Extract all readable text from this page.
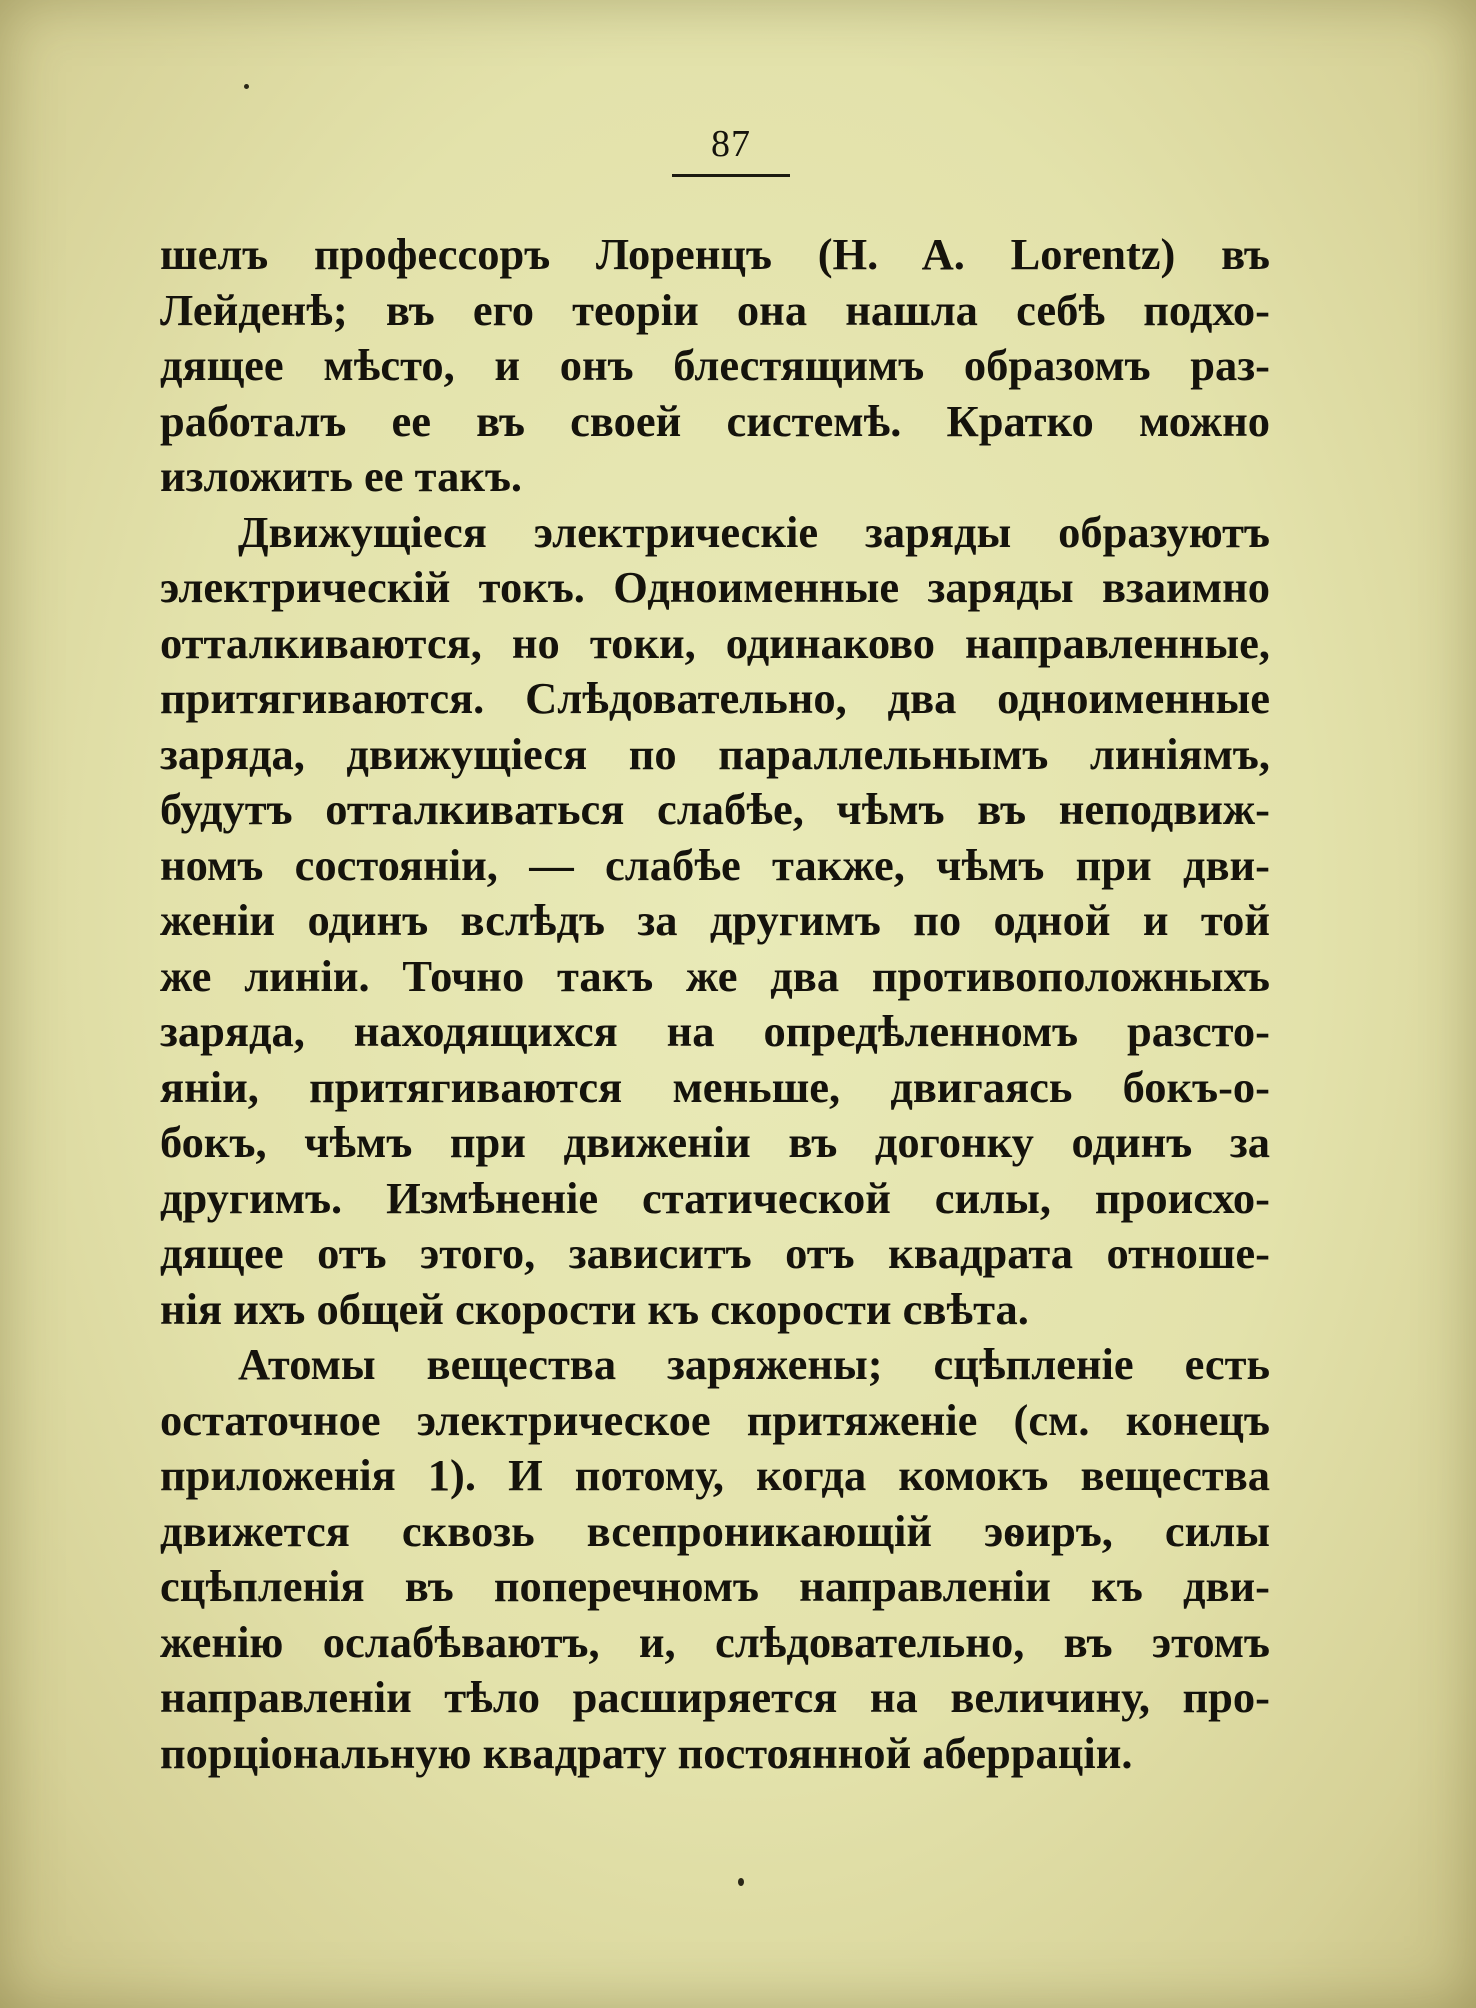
87
шелъ профессоръ Лоренцъ (H. A. Lorentz) въ
Лейденѣ; въ его теоріи она нашла себѣ подхо-
дящее мѣсто, и онъ блестящимъ образомъ раз-
работалъ ее въ своей системѣ. Кратко можно
изложить ее такъ.
Движущіеся электрическіе заряды образуютъ
электрическій токъ. Одноименные заряды взаимно
отталкиваются, но токи, одинаково направленные,
притягиваются. Слѣдовательно, два одноименные
заряда, движущіеся по параллельнымъ линіямъ,
будутъ отталкиваться слабѣе, чѣмъ въ неподвиж-
номъ состояніи, — слабѣе также, чѣмъ при дви-
женіи одинъ вслѣдъ за другимъ по одной и той
же линіи. Точно такъ же два противоположныхъ
заряда, находящихся на опредѣленномъ разсто-
яніи, притягиваются меньше, двигаясь бокъ-о-
бокъ, чѣмъ при движеніи въ догонку одинъ за
другимъ. Измѣненіе статической силы, происхо-
дящее отъ этого, зависитъ отъ квадрата отноше-
нія ихъ общей скорости къ скорости свѣта.
Атомы вещества заряжены; сцѣпленіе есть
остаточное электрическое притяженіе (см. конецъ
приложенія 1). И потому, когда комокъ вещества
движется сквозь всепроникающій эѳиръ, силы
сцѣпленія въ поперечномъ направленіи къ дви-
женію ослабѣваютъ, и, слѣдовательно, въ этомъ
направленіи тѣло расширяется на величину, про-
порціональную квадрату постоянной аберраціи.
